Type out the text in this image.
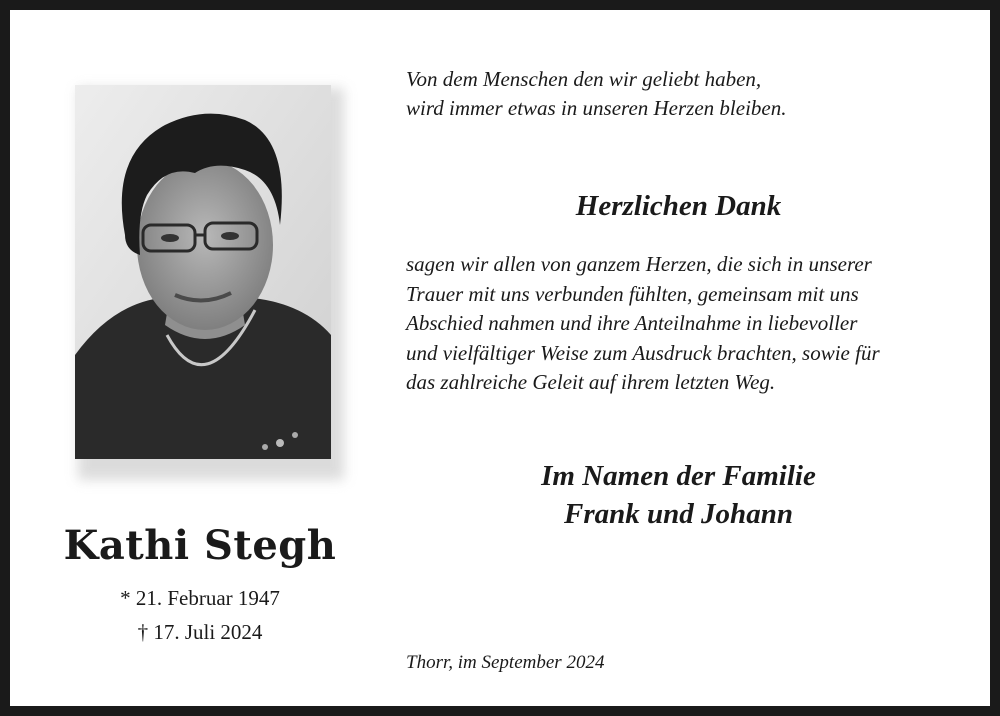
Kathi Stegh
* 21. Februar 1947
† 17. Juli 2024
Von dem Menschen den wir geliebt haben,
wird immer etwas in unseren Herzen bleiben.
Herzlichen Dank
sagen wir allen von ganzem Herzen, die sich in unserer
Trauer mit uns verbunden fühlten, gemeinsam mit uns
Abschied nahmen und ihre Anteilnahme in liebevoller
und vielfältiger Weise zum Ausdruck brachten, sowie für
das zahlreiche Geleit auf ihrem letzten Weg.
Im Namen der Familie
Frank und Johann
Thorr, im September 2024
